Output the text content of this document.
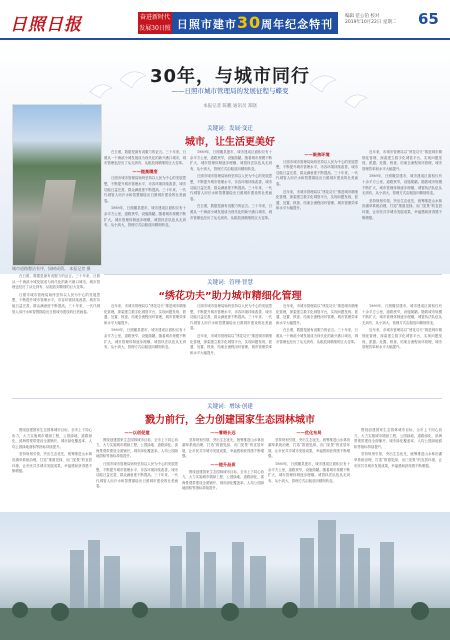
日照日报	奋进新时代
发展30日照 日照市建市30周年纪念特刊
编辑 范公伯 校对
2019年10月22日 星期二	65
30年，与城市同行
——日照市城市管理局的发展征程与蝶变
本报记者 陈鹏 通讯员 郑晓
城市道路整洁有序，绿树成荫。 本报记者 摄
关键词：发展·变迁
城市，让生活更美好

在日照，数据是最有说服力的证言。三十年来，日照从一个海滨小城发展成为现代化的新兴港口城市，城市管理也经历了从无到有、从粗放到精细的巨大变革。

——提高精度

日照市城市管理局始终坚持以人民为中心的发展思想，不断提升城市管理水平，市容环境持续改善，城市功能日益完善，群众满意度不断提高。三十年来，一代代城管人用汗水和智慧描绘出日照城市建设的壮美画卷。

1989年，日照撤县建市，城市建成区面积仅有十余平方公里，道路狭窄，设施简陋。随着城市规模不断扩大，城市管理体制逐步理顺，城管执法队伍从无到有、从小到大，管理方式由粗放向精细转变。

1989年，日照撤县建市，城市建成区面积仅有十余平方公里，道路狭窄，设施简陋。随着城市规模不断扩大，城市管理体制逐步理顺，城管执法队伍从无到有、从小到大，管理方式由粗放向精细转变。

日照市城市管理局始终坚持以人民为中心的发展思想，不断提升城市管理水平，市容环境持续改善，城市功能日益完善，群众满意度不断提高。三十年来，一代代城管人用汗水和智慧描绘出日照城市建设的壮美画卷。

在日照，数据是最有说服力的证言。三十年来，日照从一个海滨小城发展成为现代化的新兴港口城市，城市管理也经历了从无到有、从粗放到精细的巨大变革。

——聚焦环境

日照市城市管理局始终坚持以人民为中心的发展思想，不断提升城市管理水平，市容环境持续改善，城市功能日益完善，群众满意度不断提高。三十年来，一代代城管人用汗水和智慧描绘出日照城市建设的壮美画卷。

近年来，市城市管理局以“绣花功夫”推进城市精细化管理，探索建立数字化城管平台，实现问题发现、派遣、处置、核查、结案全流程闭环管理，城市管理效率和水平大幅提升。

近年来，市城市管理局以“绣花功夫”推进城市精细化管理，探索建立数字化城管平台，实现问题发现、派遣、处置、核查、结案全流程闭环管理，城市管理效率和水平大幅提升。

1989年，日照撤县建市，城市建成区面积仅有十余平方公里，道路狭窄，设施简陋。随着城市规模不断扩大，城市管理体制逐步理顺，城管执法队伍从无到有、从小到大，管理方式由粗放向精细转变。

坚持规划引领，突出生态优先，统筹推进山水林田湖草系统治理，打造“推窗见绿、出门见景”的宜居环境，让市民共享城市发展成果，幸福感和获得感不断增强。

在日照，数据是最有说服力的证言。三十年来，日照从一个海滨小城发展成为现代化的新兴港口城市，城市管理也经历了从无到有、从粗放到精细的巨大变革。

日照市城市管理局始终坚持以人民为中心的发展思想，不断提升城市管理水平，市容环境持续改善，城市功能日益完善，群众满意度不断提高。三十年来，一代代城管人用汗水和智慧描绘出日照城市建设的壮美画卷。

关键词：管理·智慧
“绣花功夫”助力城市精细化管理

近年来，市城市管理局以“绣花功夫”推进城市精细化管理，探索建立数字化城管平台，实现问题发现、派遣、处置、核查、结案全流程闭环管理，城市管理效率和水平大幅提升。

1989年，日照撤县建市，城市建成区面积仅有十余平方公里，道路狭窄，设施简陋。随着城市规模不断扩大，城市管理体制逐步理顺，城管执法队伍从无到有、从小到大，管理方式由粗放向精细转变。

日照市城市管理局始终坚持以人民为中心的发展思想，不断提升城市管理水平，市容环境持续改善，城市功能日益完善，群众满意度不断提高。三十年来，一代代城管人用汗水和智慧描绘出日照城市建设的壮美画卷。

近年来，市城市管理局以“绣花功夫”推进城市精细化管理，探索建立数字化城管平台，实现问题发现、派遣、处置、核查、结案全流程闭环管理，城市管理效率和水平大幅提升。

近年来，市城市管理局以“绣花功夫”推进城市精细化管理，探索建立数字化城管平台，实现问题发现、派遣、处置、核查、结案全流程闭环管理，城市管理效率和水平大幅提升。

在日照，数据是最有说服力的证言。三十年来，日照从一个海滨小城发展成为现代化的新兴港口城市，城市管理也经历了从无到有、从粗放到精细的巨大变革。

1989年，日照撤县建市，城市建成区面积仅有十余平方公里，道路狭窄，设施简陋。随着城市规模不断扩大，城市管理体制逐步理顺，城管执法队伍从无到有、从小到大，管理方式由粗放向精细转变。

近年来，市城市管理局以“绣花功夫”推进城市精细化管理，探索建立数字化城管平台，实现问题发现、派遣、处置、核查、结案全流程闭环管理，城市管理效率和水平大幅提升。

关键词：增绿·创建
戮力前行，全力创建国家生态园林城市

围绕创建国家生态园林城市目标，全市上下同心协力，大力实施城市增绿工程，公园绿地、道路绿化、滨海景观带建设全面铺开，城市绿化覆盖率、人均公园绿地面积等指标持续提升。

坚持规划引领，突出生态优先，统筹推进山水林田湖草系统治理，打造“推窗见绿、出门见景”的宜居环境，让市民共享城市发展成果，幸福感和获得感不断增强。

——以创促建

围绕创建国家生态园林城市目标，全市上下同心协力，大力实施城市增绿工程，公园绿地、道路绿化、滨海景观带建设全面铺开，城市绿化覆盖率、人均公园绿地面积等指标持续提升。

日照市城市管理局始终坚持以人民为中心的发展思想，不断提升城市管理水平，市容环境持续改善，城市功能日益完善，群众满意度不断提高。三十年来，一代代城管人用汗水和智慧描绘出日照城市建设的壮美画卷。

——着眼长远

坚持规划引领，突出生态优先，统筹推进山水林田湖草系统治理，打造“推窗见绿、出门见景”的宜居环境，让市民共享城市发展成果，幸福感和获得感不断增强。

——提升品质

围绕创建国家生态园林城市目标，全市上下同心协力，大力实施城市增绿工程，公园绿地、道路绿化、滨海景观带建设全面铺开，城市绿化覆盖率、人均公园绿地面积等指标持续提升。

——优化布局

坚持规划引领，突出生态优先，统筹推进山水林田湖草系统治理，打造“推窗见绿、出门见景”的宜居环境，让市民共享城市发展成果，幸福感和获得感不断增强。

1989年，日照撤县建市，城市建成区面积仅有十余平方公里，道路狭窄，设施简陋。随着城市规模不断扩大，城市管理体制逐步理顺，城管执法队伍从无到有、从小到大，管理方式由粗放向精细转变。

围绕创建国家生态园林城市目标，全市上下同心协力，大力实施城市增绿工程，公园绿地、道路绿化、滨海景观带建设全面铺开，城市绿化覆盖率、人均公园绿地面积等指标持续提升。

坚持规划引领，突出生态优先，统筹推进山水林田湖草系统治理，打造“推窗见绿、出门见景”的宜居环境，让市民共享城市发展成果，幸福感和获得感不断增强。
